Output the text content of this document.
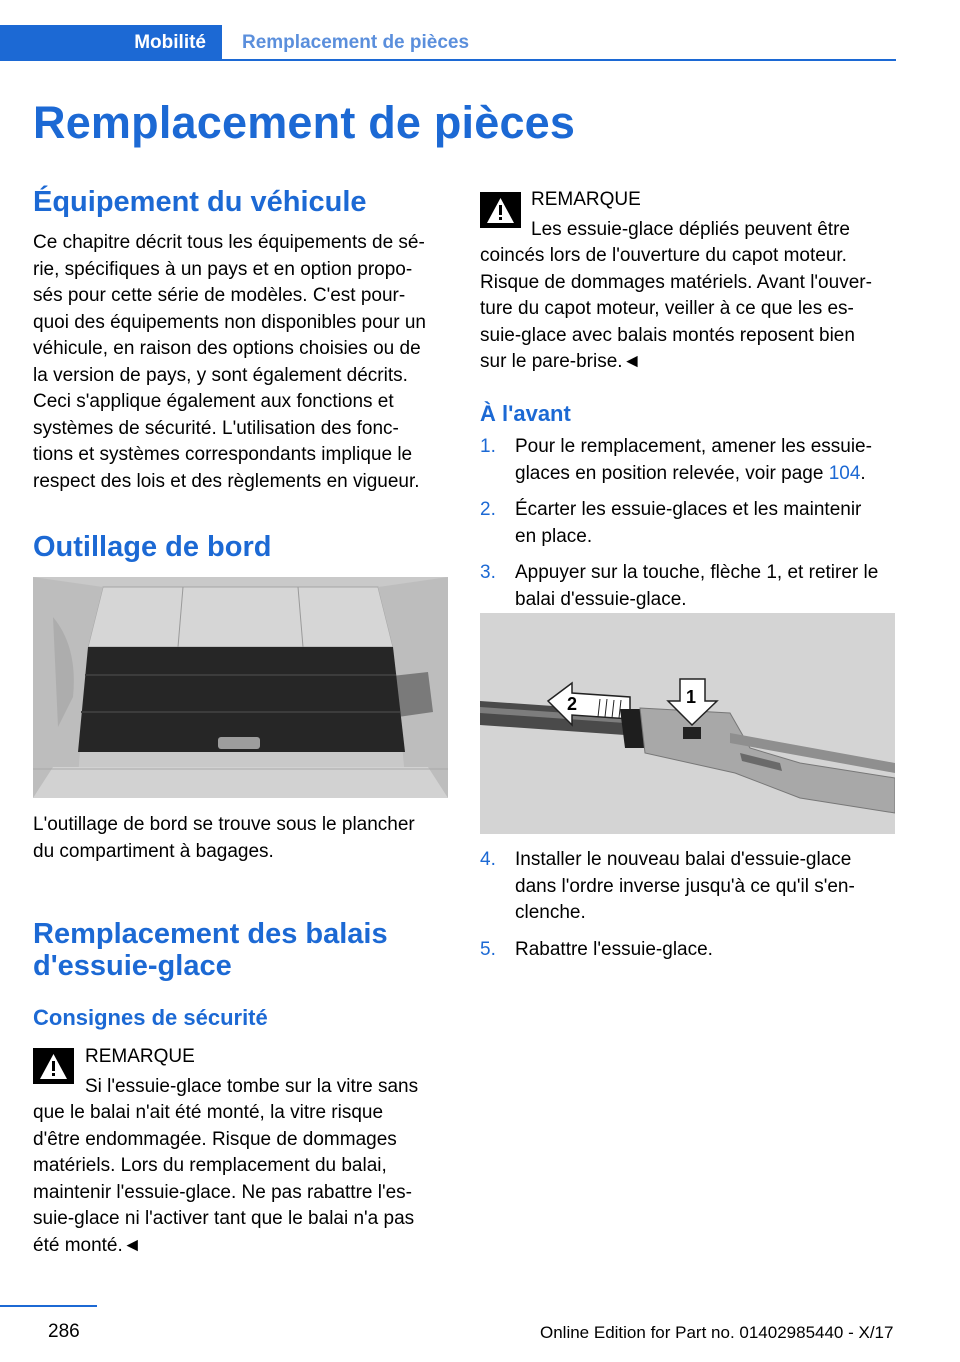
Mobilité	Remplacement de pièces
Remplacement de pièces
Équipement du véhicule
Ce chapitre décrit tous les équipements de sé-
rie, spécifiques à un pays et en option propo-
sés pour cette série de modèles. C'est pour-
quoi des équipements non disponibles pour un
véhicule, en raison des options choisies ou de
la version de pays, y sont également décrits.
Ceci s'applique également aux fonctions et
systèmes de sécurité. L'utilisation des fonc-
tions et systèmes correspondants implique le
respect des lois et des règlements en vigueur.
Outillage de bord
L'outillage de bord se trouve sous le plancher
du compartiment à bagages.
Remplacement des balais
d'essuie-glace
Consignes de sécurité
REMARQUE
Si l'essuie-glace tombe sur la vitre sans
que le balai n'ait été monté, la vitre risque
d'être endommagée. Risque de dommages
matériels. Lors du remplacement du balai,
maintenir l'essuie-glace. Ne pas rabattre l'es-
suie-glace ni l'activer tant que le balai n'a pas
été monté.◄
REMARQUE
Les essuie-glace dépliés peuvent être
coincés lors de l'ouverture du capot moteur.
Risque de dommages matériels. Avant l'ouver-
ture du capot moteur, veiller à ce que les es-
suie-glace avec balais montés reposent bien
sur le pare-brise.◄
À l'avant
1.	Pour le remplacement, amener les essuie-
glaces en position relevée, voir page 104.
2.	Écarter les essuie-glaces et les maintenir
en place.
3.	Appuyer sur la touche, flèche 1, et retirer le
balai d'essuie-glace.
2	1
4.	Installer le nouveau balai d'essuie-glace
dans l'ordre inverse jusqu'à ce qu'il s'en-
clenche.
5.	Rabattre l'essuie-glace.
286	Online Edition for Part no. 01402985440 - X/17
